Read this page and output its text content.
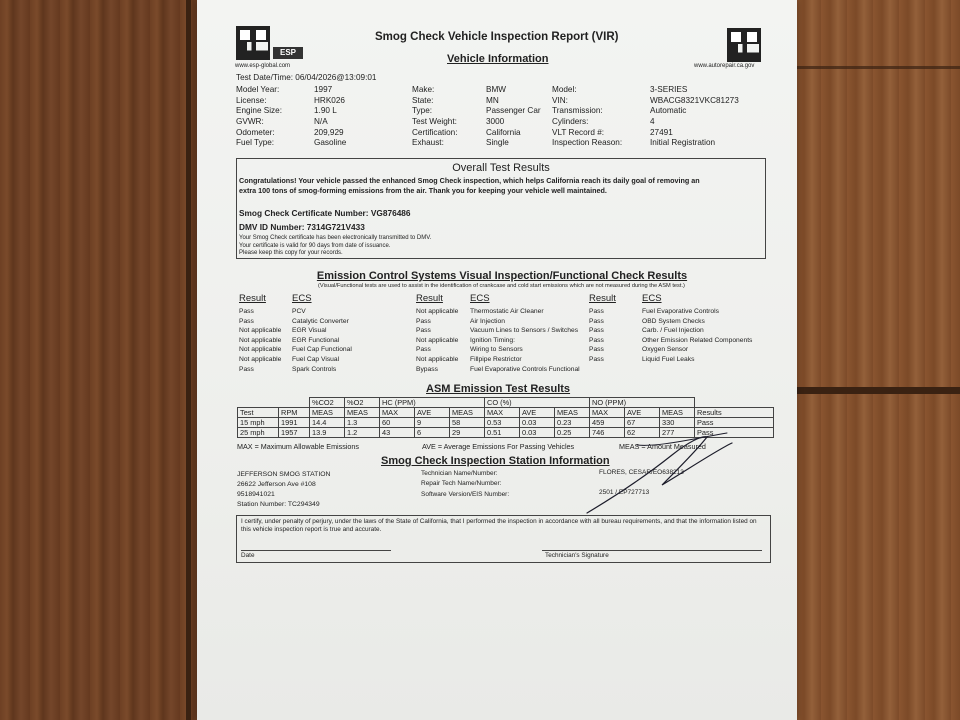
ESP
www.esp-global.com
Smog Check Vehicle Inspection Report (VIR)
Vehicle Information
www.autorepair.ca.gov
Test Date/Time: 06/04/2026@13:09:01
Model Year:	1997
License:	HRK026
Engine Size:	1.90 L
GVWR:	N/A
Odometer:	209,929
Fuel Type:	Gasoline
Make:	BMW
State:	MN
Type:	Passenger Car
Test Weight:	3000
Certification:	California
Exhaust:	Single
Model:	3-SERIES
VIN:	WBACG8321VKC81273
Transmission:	Automatic
Cylinders:	4
VLT Record #:	27491
Inspection Reason:	Initial Registration
Overall Test Results
Congratulations! Your vehicle passed the enhanced Smog Check inspection, which helps California reach its daily goal of removing an extra 100 tons of smog-forming emissions from the air. Thank you for keeping your vehicle well maintained.
Smog Check Certificate Number: VG876486
DMV ID Number: 7314G721V433
Your Smog Check certificate has been electronically transmitted to DMV.
Your certificate is valid for 90 days from date of issuance.
Please keep this copy for your records.
Emission Control Systems Visual Inspection/Functional Check Results
(Visual/Functional tests are used to assist in the identification of crankcase and cold start emissions which are not measured during the ASM test.)
Result	ECS
Pass	PCV
Pass	Catalytic Converter
Not applicable EGR Visual
Not applicable EGR Functional
Not applicable Fuel Cap Functional
Not applicable Fuel Cap Visual
Pass	Spark Controls
Result	ECS
Not applicable Thermostatic Air Cleaner
Pass	Air Injection
Pass	Vacuum Lines to Sensors / Switches
Not applicable Ignition Timing:
Pass	Wiring to Sensors
Not applicable Fillpipe Restrictor
Bypass	Fuel Evaporative Controls Functional
Result	ECS
Pass	Fuel Evaporative Controls
Pass	OBD System Checks
Pass	Carb. / Fuel Injection
Pass	Other Emission Related Components
Pass	Oxygen Sensor
Pass	Liquid Fuel Leaks
ASM Emission Test Results
		%CO2	%O2	HC (PPM)			CO (%)			NO (PPM)			
Test	RPM	MEAS	MEAS	MAX	AVE	MEAS	MAX	AVE	MEAS	MAX	AVE	MEAS	Results
15 mph	1991	14.4	1.3	60	9	58	0.53	0.03	0.23	459	67	330	Pass
25 mph	1957	13.9	1.2	43	6	29	0.51	0.03	0.25	746	62	277	Pass
MAX = Maximum Allowable Emissions	AVE = Average Emissions For Passing Vehicles	MEAS = Amount Measured
Smog Check Inspection Station Information
JEFFERSON SMOG STATION
26622 Jefferson Ave #108
9518941021
Station Number: TC294349
Technician Name/Number:
Repair Tech Name/Number:
Software Version/EIS Number:
FLORES, CESAR/EO638213
2501 / EP727713
I certify, under penalty of perjury, under the laws of the State of California, that I performed the inspection in accordance with all bureau requirements, and that the information listed on this vehicle inspection report is true and accurate.
Date	Technician's Signature
